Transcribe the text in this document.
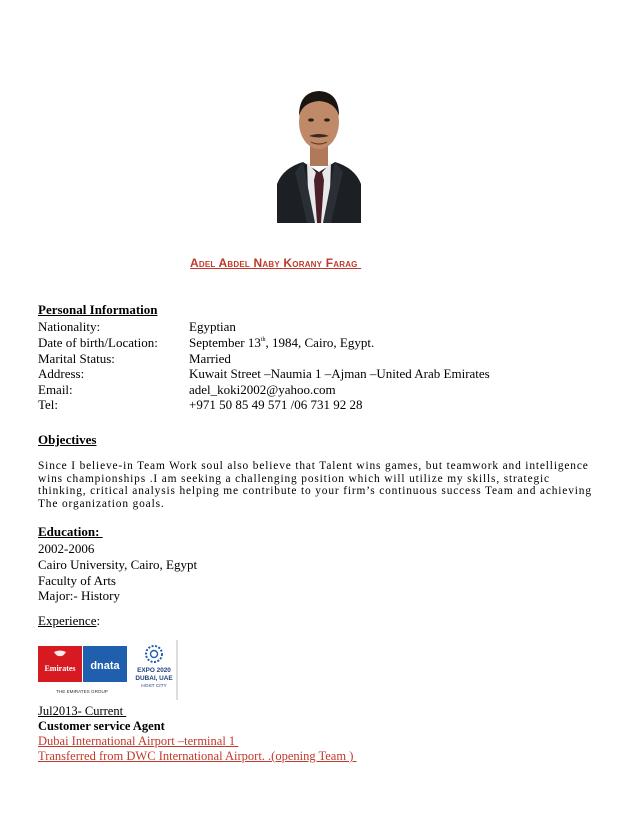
Adel Abdel Naby Korany Farag
Personal Information
Nationality:	Egyptian
Date of birth/Location: September 13th, 1984, Cairo, Egypt.
Marital Status:	Married
Address:	Kuwait Street –Naumia 1 –Ajman –United Arab Emirates
Email:	adel_koki2002@yahoo.com
Tel:	+971 50 85 49 571 /06 731 92 28
Objectives
Since I believe-in Team Work soul also believe that Talent wins games, but teamwork and intelligence wins championships .I am seeking a challenging position which will utilize my skills, strategic thinking, critical analysis helping me contribute to your firm’s continuous success Team and achieving The organization goals.
Education:
2002-2006
Cairo University, Cairo, Egypt
Faculty of Arts
Major:- History
Experience:
Emirates dnata
THE EMIRATES GROUP
EXPO 2020
DUBAI, UAE
HOST CITY
Jul2013- Current
Customer service Agent
Dubai International Airport –terminal 1
Transferred from DWC International Airport. .(opening Team )
